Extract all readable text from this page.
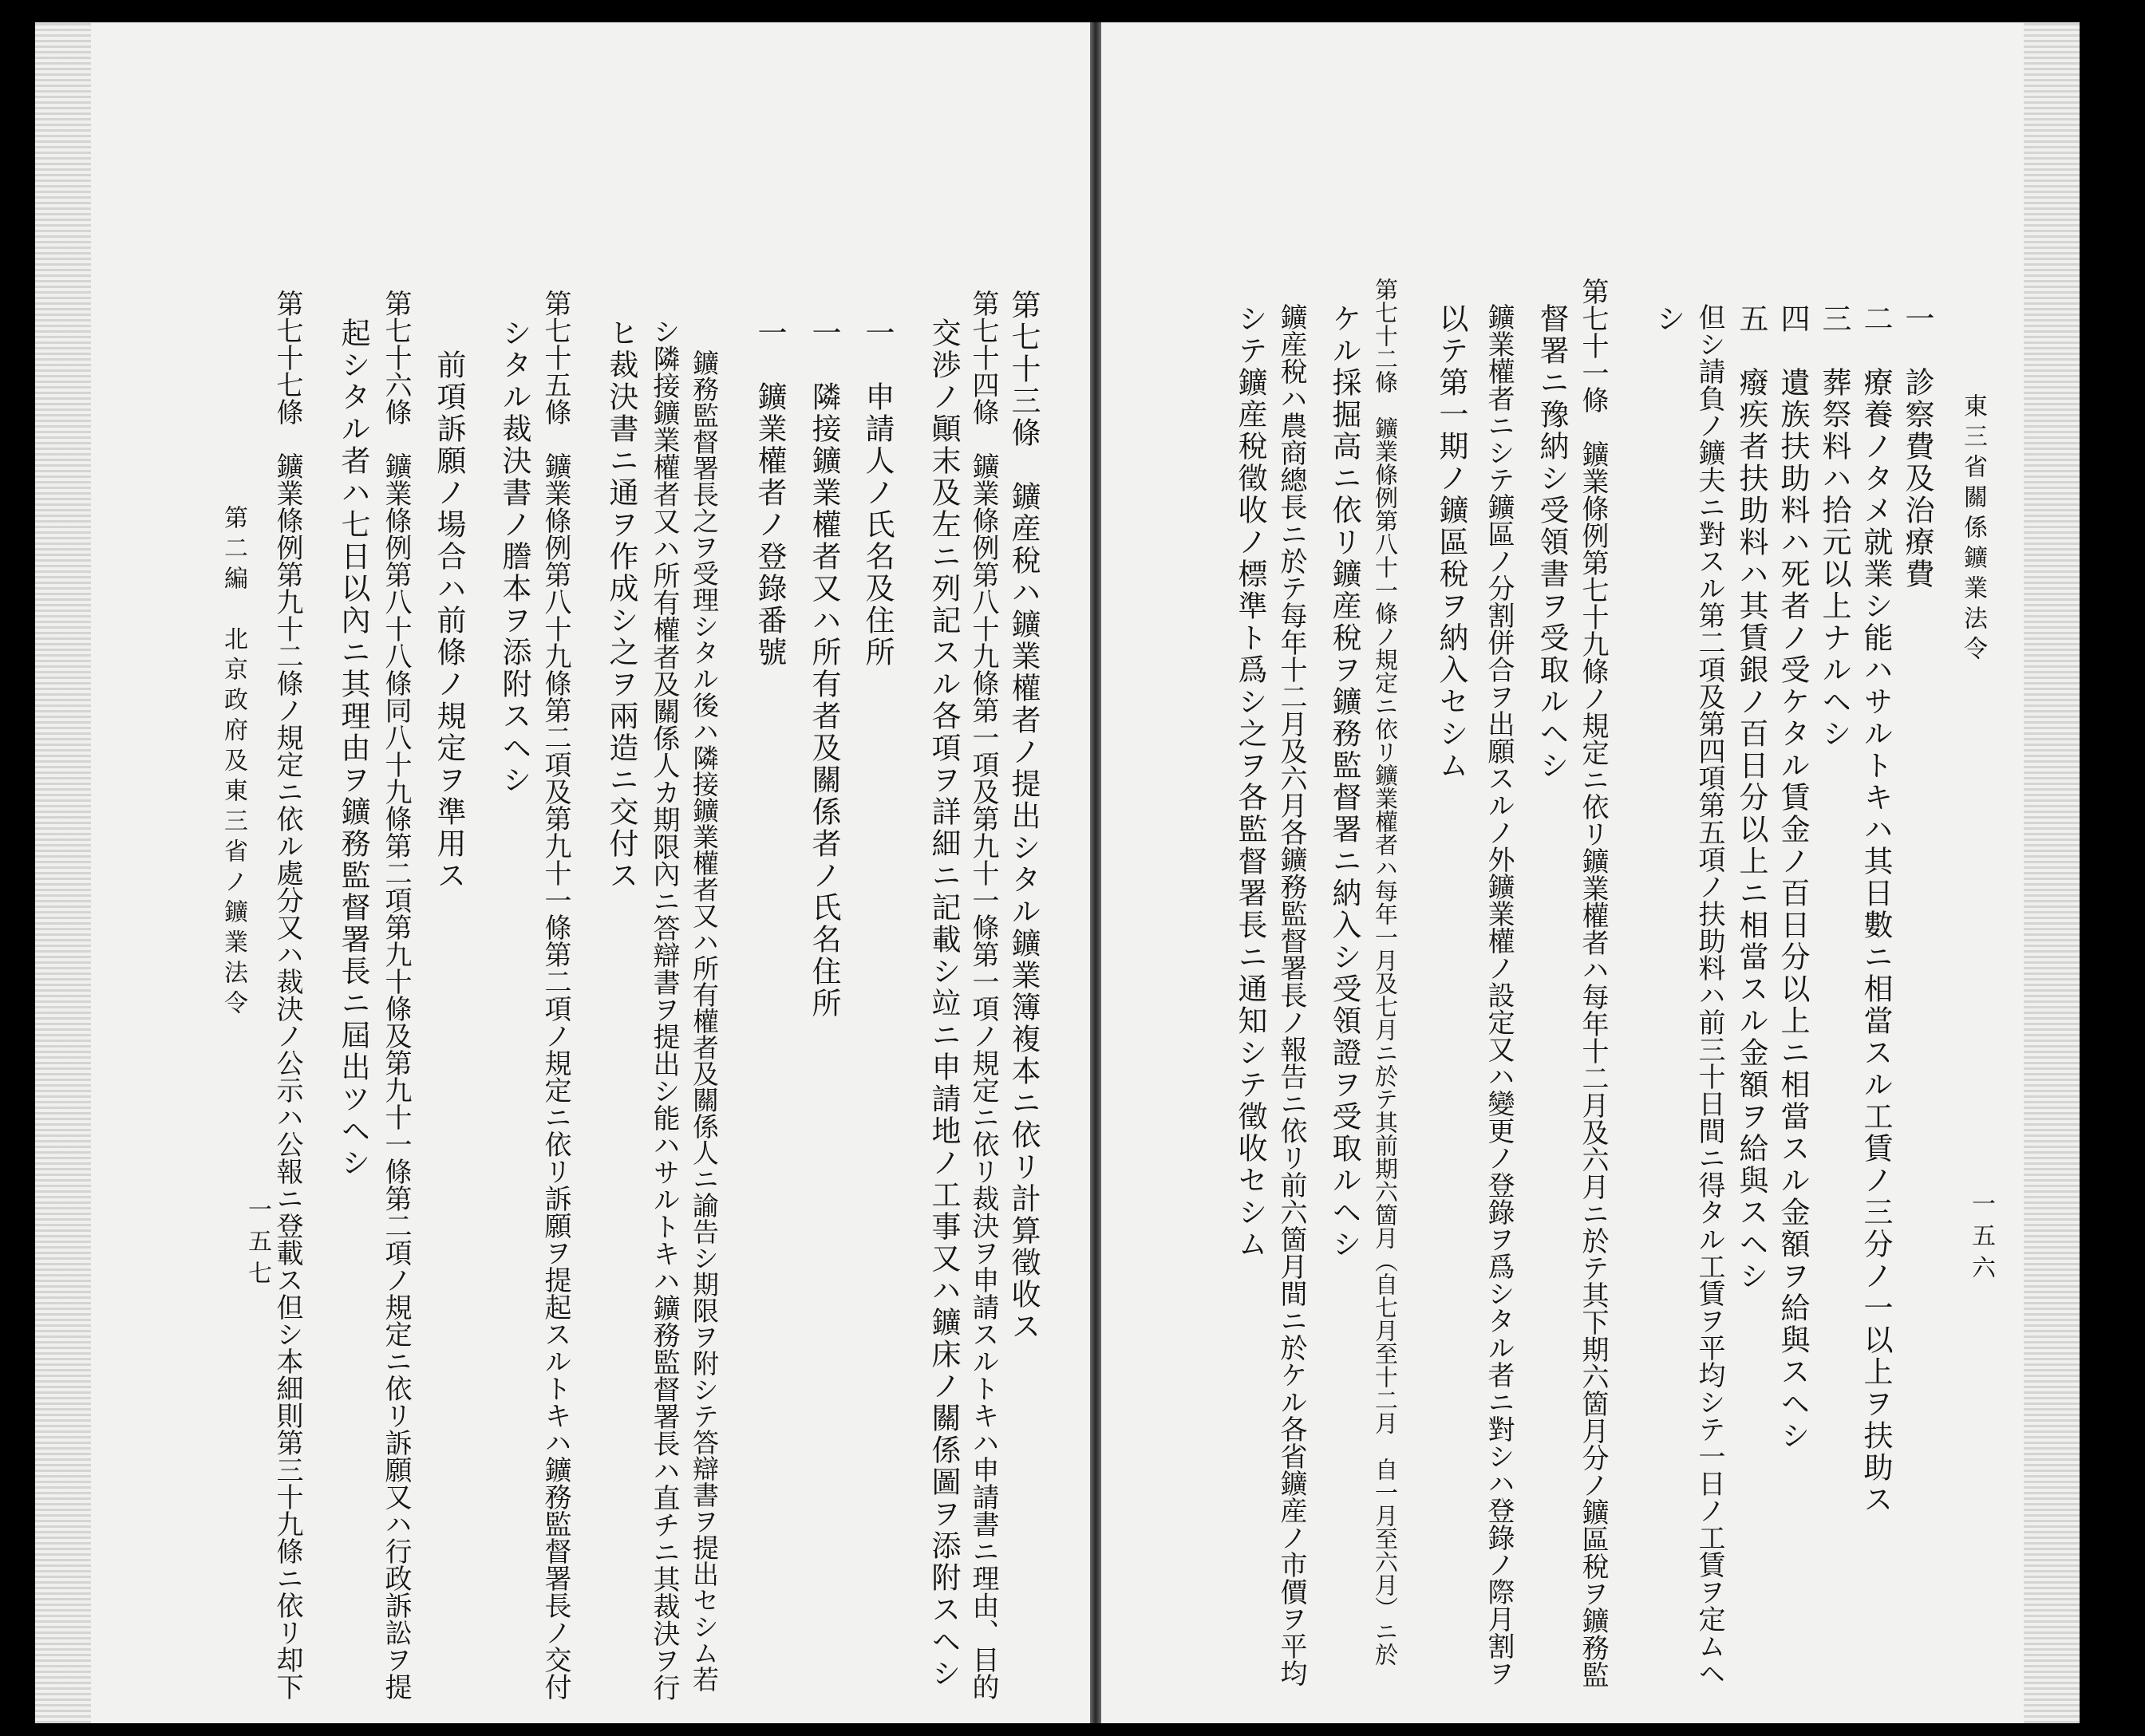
第七十三條　鑛産稅ハ鑛業權者ノ提出シタル鑛業簿複本ニ依リ計算徵收ス
第七十四條　鑛業條例第八十九條第一項及第九十一條第一項ノ規定ニ依リ裁決ヲ申請スルトキハ申請書ニ理由、目的
交渉ノ顚末及左ニ列記スル各項ヲ詳細ニ記載シ竝ニ申請地ノ工事又ハ鑛床ノ關係圖ヲ添附スヘシ
一　申請人ノ氏名及住所
一　隣接鑛業權者又ハ所有者及關係者ノ氏名住所
一　鑛業權者ノ登錄番號
鑛務監督署長之ヲ受理シタル後ハ隣接鑛業權者又ハ所有權者及關係人ニ諭告シ期限ヲ附シテ答辯書ヲ提出セシム若
シ隣接鑛業權者又ハ所有權者及關係人カ期限內ニ答辯書ヲ提出シ能ハサルトキハ鑛務監督署長ハ直チニ其裁決ヲ行
ヒ裁決書ニ通ヲ作成シ之ヲ兩造ニ交付ス
第七十五條　鑛業條例第八十九條第二項及第九十一條第二項ノ規定ニ依リ訴願ヲ提起スルトキハ鑛務監督署長ノ交付
シタル裁決書ノ謄本ヲ添附スヘシ
前項訴願ノ場合ハ前條ノ規定ヲ準用ス
第七十六條　鑛業條例第八十八條同八十九條第二項第九十條及第九十一條第二項ノ規定ニ依リ訴願又ハ行政訴訟ヲ提
起シタル者ハ七日以內ニ其理由ヲ鑛務監督署長ニ屆出ツヘシ
第七十七條　鑛業條例第九十二條ノ規定ニ依ル處分又ハ裁決ノ公示ハ公報ニ登載ス但シ本細則第三十九條ニ依リ却下
第二編　北京政府及東三省ノ鑛業法令
一五七
東三省關係鑛業法令
一五六
一　診察費及治療費
二　療養ノタメ就業シ能ハサルトキハ其日數ニ相當スル工賃ノ三分ノ一以上ヲ扶助ス
三　葬祭料ハ拾元以上ナルヘシ
四　遺族扶助料ハ死者ノ受ケタル賃金ノ百日分以上ニ相當スル金額ヲ給與スヘシ
五　癈疾者扶助料ハ其賃銀ノ百日分以上ニ相當スル金額ヲ給與スヘシ
但シ請負ノ鑛夫ニ對スル第二項及第四項第五項ノ扶助料ハ前三十日間ニ得タル工賃ヲ平均シテ一日ノ工賃ヲ定ムヘ
シ
第七十一條　鑛業條例第七十九條ノ規定ニ依リ鑛業權者ハ每年十二月及六月ニ於テ其下期六箇月分ノ鑛區稅ヲ鑛務監
督署ニ豫納シ受領書ヲ受取ルヘシ
鑛業權者ニシテ鑛區ノ分割併合ヲ出願スルノ外鑛業權ノ設定又ハ變更ノ登錄ヲ爲シタル者ニ對シハ登錄ノ際月割ヲ
以テ第一期ノ鑛區稅ヲ納入セシム
第七十二條　鑛業條例第八十一條ノ規定ニ依リ鑛業權者ハ每年一月及七月ニ於テ其前期六箇月（自七月至十二月　自一月至六月）ニ於
ケル採掘高ニ依リ鑛産稅ヲ鑛務監督署ニ納入シ受領證ヲ受取ルヘシ
鑛産稅ハ農商總長ニ於テ每年十二月及六月各鑛務監督署長ノ報告ニ依リ前六箇月間ニ於ケル各省鑛産ノ市價ヲ平均
シテ鑛産稅徵收ノ標準ト爲シ之ヲ各監督署長ニ通知シテ徵收セシム
